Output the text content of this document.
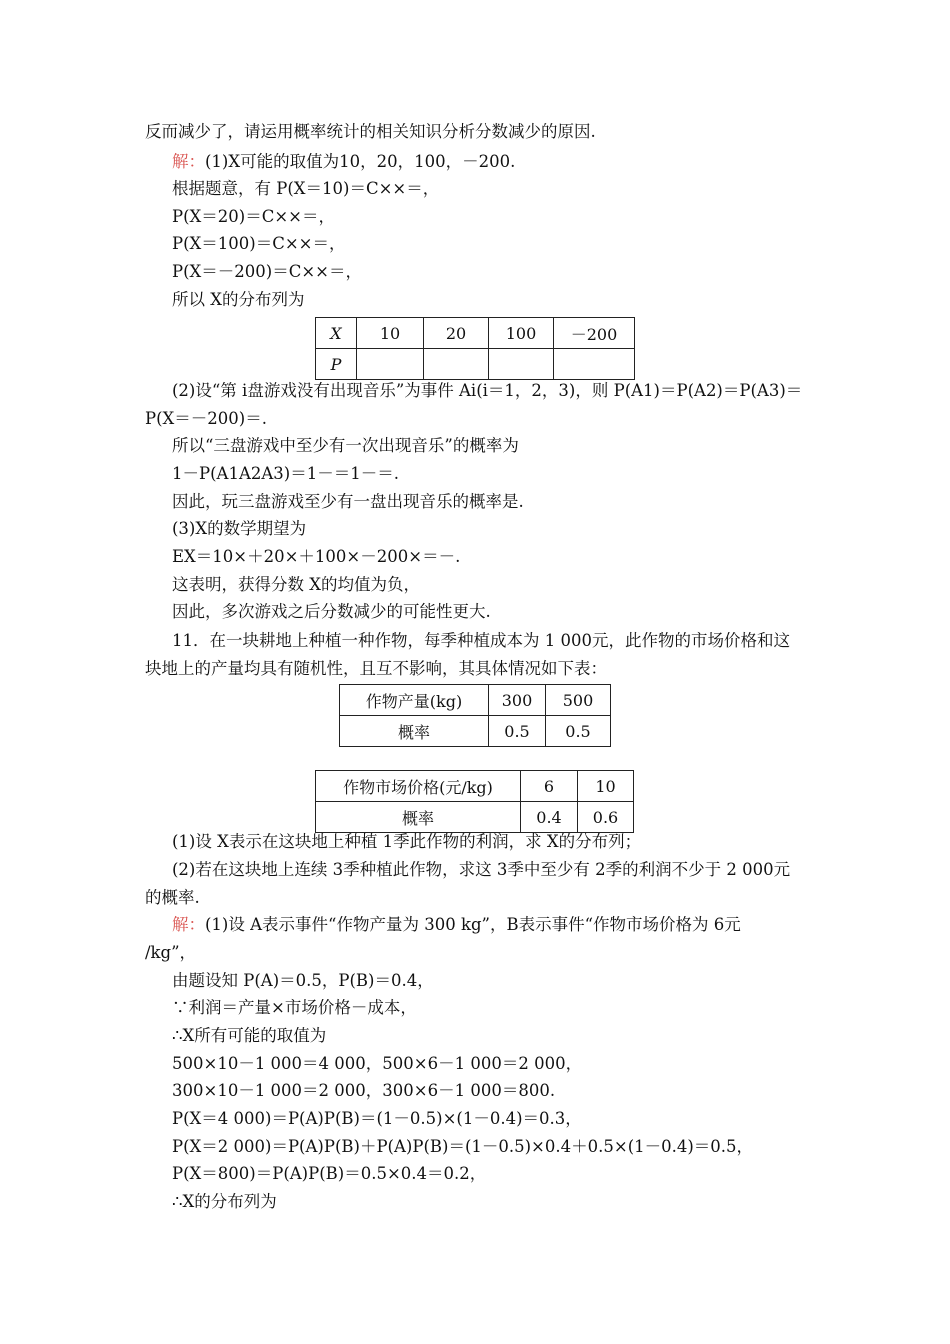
反而减少了，请运用概率统计的相关知识分析分数减少的原因.
解：(1)X可能的取值为10，20，100，－200.
根据题意，有 P(X＝10)＝C××＝，
P(X＝20)＝C××＝，
P(X＝100)＝C××＝，
P(X＝－200)＝C××＝，
所以 X的分布列为
X	10	20	100	－200
P				
(2)设“第 i盘游戏没有出现音乐”为事件 Ai(i＝1，2，3)，则 P(A1)＝P(A2)＝P(A3)＝
P(X＝－200)＝.
所以“三盘游戏中至少有一次出现音乐”的概率为
1－P(A1A2A3)＝1－＝1－＝.
因此，玩三盘游戏至少有一盘出现音乐的概率是.
(3)X的数学期望为
EX＝10×＋20×＋100×－200×＝－.
这表明，获得分数 X的均值为负，
因此，多次游戏之后分数减少的可能性更大.
11．在一块耕地上种植一种作物，每季种植成本为 1 000元，此作物的市场价格和这
块地上的产量均具有随机性，且互不影响，其具体情况如下表：
作物产量(kg)	300	500
概率	0.5	0.5
作物市场价格(元/kg)	6	10
概率	0.4	0.6
(1)设 X表示在这块地上种植 1季此作物的利润，求 X的分布列；
(2)若在这块地上连续 3季种植此作物，求这 3季中至少有 2季的利润不少于 2 000元
的概率.
解：(1)设 A表示事件“作物产量为 300 kg”，B表示事件“作物市场价格为 6元
/kg”，
由题设知 P(A)＝0.5，P(B)＝0.4，
∵利润＝产量×市场价格－成本，
∴X所有可能的取值为
500×10－1 000＝4 000，500×6－1 000＝2 000，
300×10－1 000＝2 000，300×6－1 000＝800.
P(X＝4 000)＝P(A)P(B)＝(1－0.5)×(1－0.4)＝0.3，
P(X＝2 000)＝P(A)P(B)＋P(A)P(B)＝(1－0.5)×0.4＋0.5×(1－0.4)＝0.5，
P(X＝800)＝P(A)P(B)＝0.5×0.4＝0.2，
∴X的分布列为
